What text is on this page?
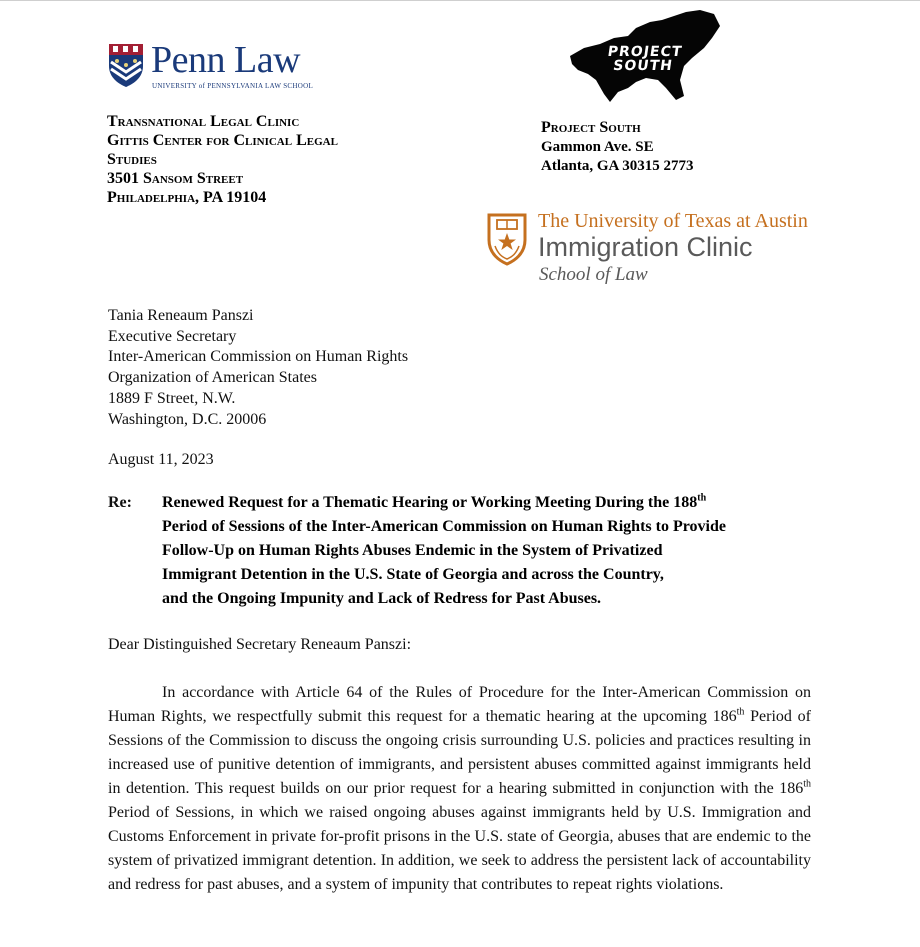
Penn Law
UNIVERSITY of PENNSYLVANIA LAW SCHOOL
Transnational Legal Clinic
Gittis Center for Clinical Legal
Studies
3501 Sansom Street
Philadelphia, PA 19104
PROJECT
SOUTH
Project South
Gammon Ave. SE
Atlanta, GA 30315 2773
The University of Texas at Austin
Immigration Clinic
School of Law
Tania Reneaum Panszi
Executive Secretary
Inter-American Commission on Human Rights
Organization of American States
1889 F Street, N.W.
Washington, D.C. 20006
August 11, 2023
Re: Renewed Request for a Thematic Hearing or Working Meeting During the 188th
Period of Sessions of the Inter-American Commission on Human Rights to Provide
Follow-Up on Human Rights Abuses Endemic in the System of Privatized
Immigrant Detention in the U.S. State of Georgia and across the Country,
and the Ongoing Impunity and Lack of Redress for Past Abuses.
Dear Distinguished Secretary Reneaum Panszi:
In accordance with Article 64 of the Rules of Procedure for the Inter-American Commission on Human Rights, we respectfully submit this request for a thematic hearing at the upcoming 186th Period of Sessions of the Commission to discuss the ongoing crisis surrounding U.S. policies and practices resulting in increased use of punitive detention of immigrants, and persistent abuses committed against immigrants held in detention. This request builds on our prior request for a hearing submitted in conjunction with the 186th Period of Sessions, in which we raised ongoing abuses against immigrants held by U.S. Immigration and Customs Enforcement in private for-profit prisons in the U.S. state of Georgia, abuses that are endemic to the system of privatized immigrant detention. In addition, we seek to address the persistent lack of accountability and redress for past abuses, and a system of impunity that contributes to repeat rights violations.
